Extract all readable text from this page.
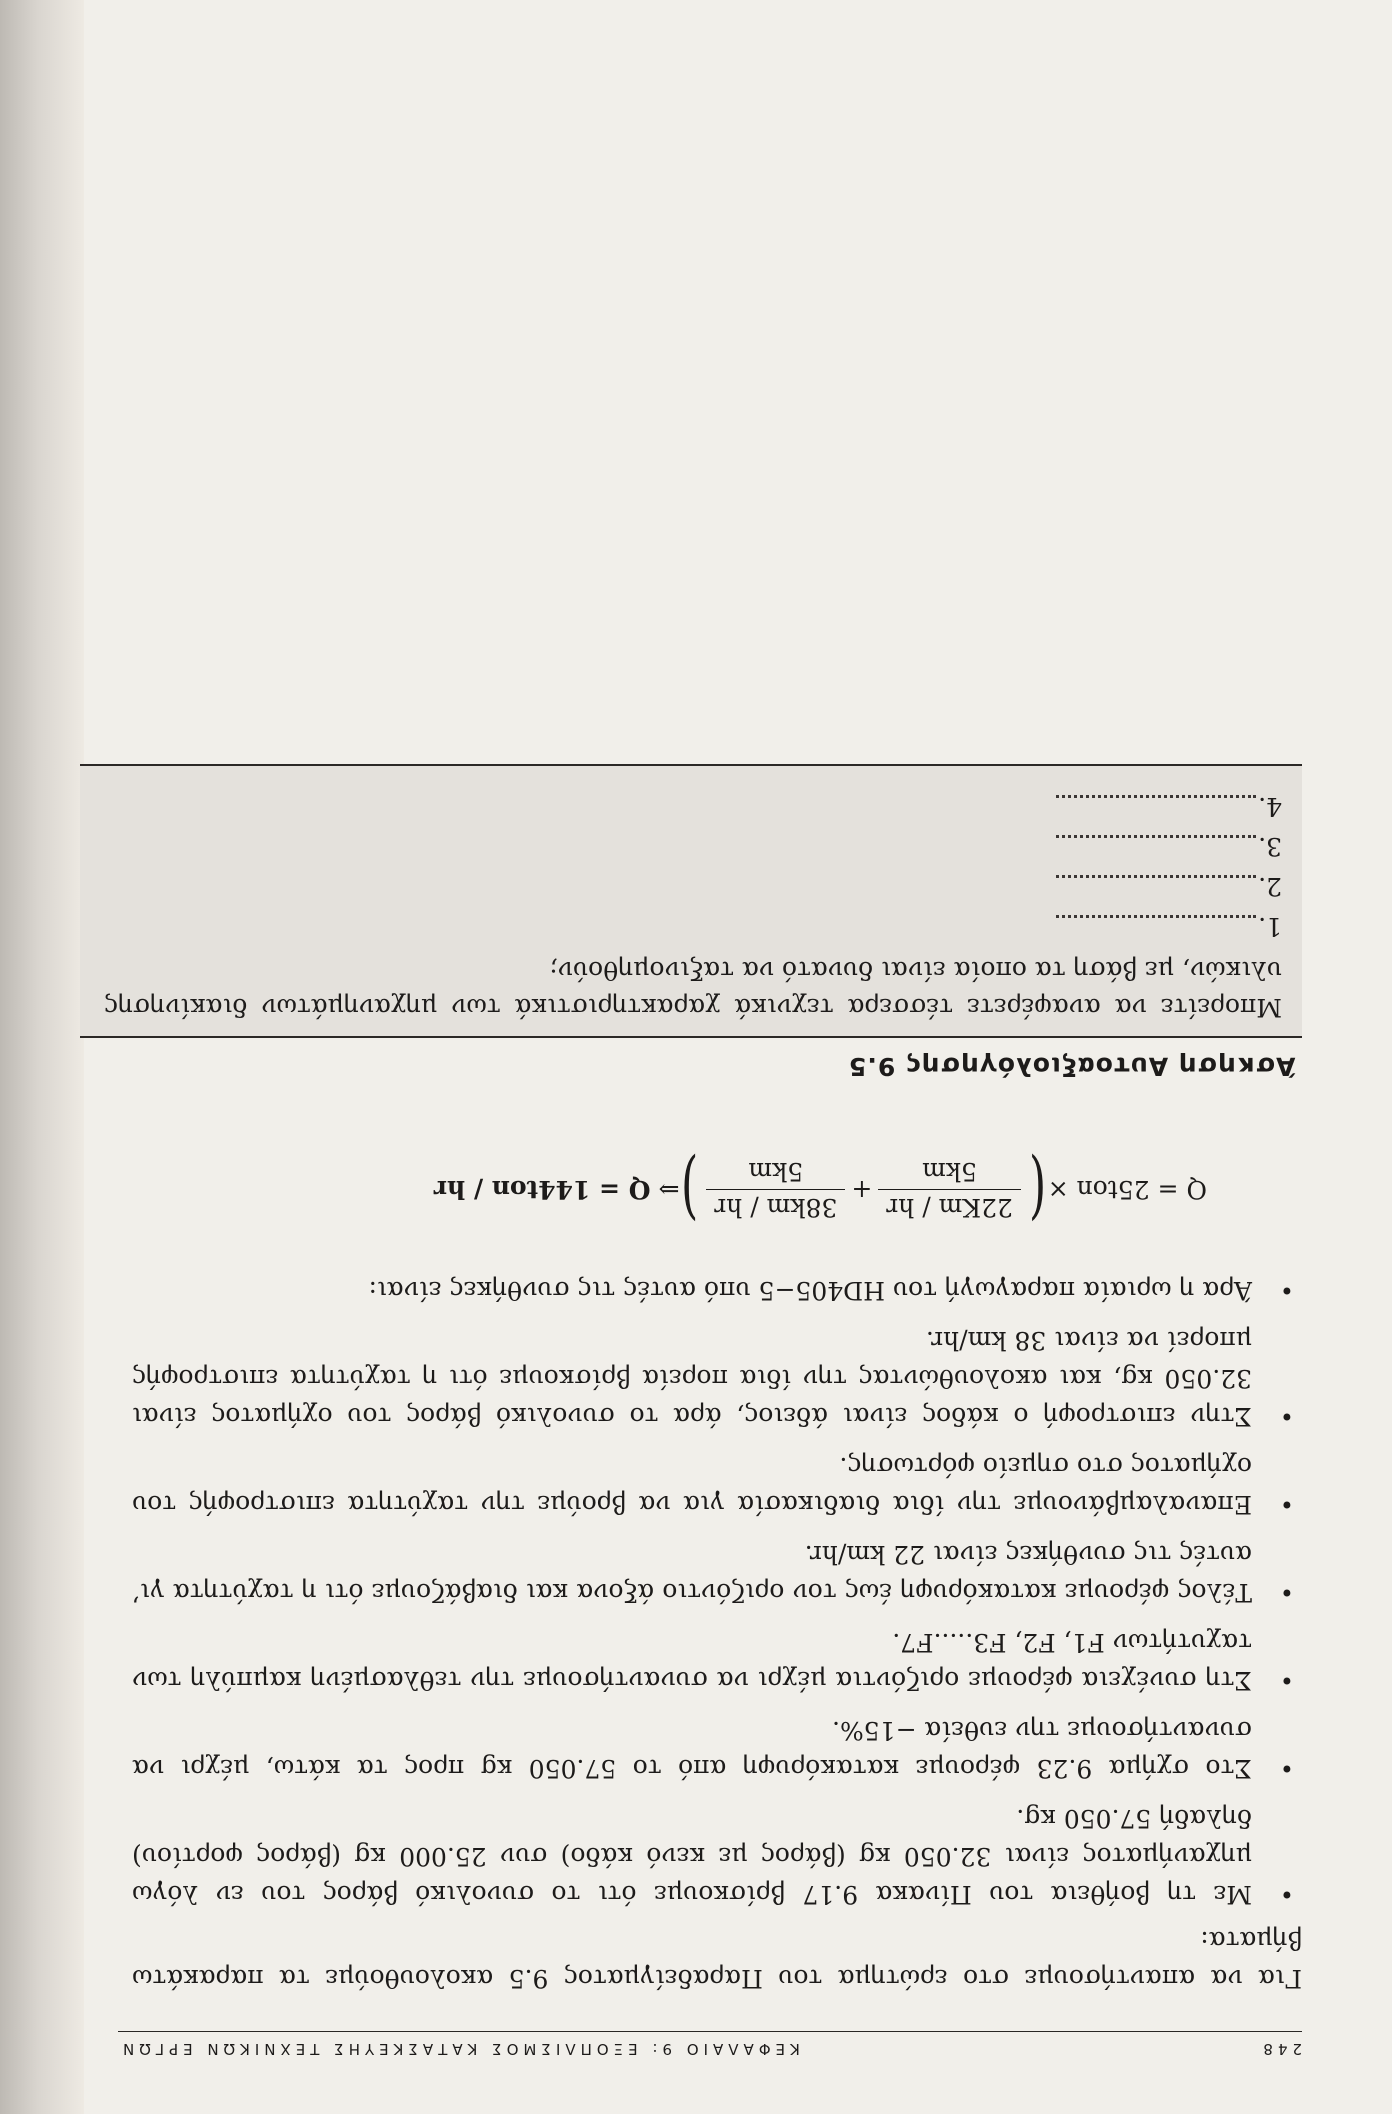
248
ΚΕΦΑΛΑΙΟ 9: ΕΞΟΠΛΙΣΜΟΣ ΚΑΤΑΣΚΕΥΗΣ ΤΕΧΝΙΚΩΝ ΕΡΓΩΝ

Για να απαντήσουμε στο ερώτημα του Παραδείγματος 9.5 ακολουθούμε τα παρακάτω βήματα:

• Με τη βοήθεια του Πίνακα 9.17 βρίσκουμε ότι το συνολικό βάρος του εν λόγω μηχανήματος είναι 32.050 κg (βάρος με κενό κάδο) συν 25.000 κg (βάρος φορτίου) δηλαδή 57.050 κg.
• Στο σχήμα 9.23 φέρουμε κατακόρυφη από το 57.050 κg προς τα κάτω, μέχρι να συναντήσουμε την ευθεία −15%.
• Στη συνέχεια φέρουμε οριζόντια μέχρι να συναντήσουμε την τεθλασμένη καμπύλη των ταχυτήτων F1, F2, F3.....F7.
• Τέλος φέρουμε κατακόρυφη έως τον οριζόντιο άξονα και διαβάζουμε ότι η ταχύτητα γι’ αυτές τις συνθήκες είναι 22 km/hr.
• Επαναλαμβάνουμε την ίδια διαδικασία για να βρούμε την ταχύτητα επιστροφής του οχήματος στο σημείο φόρτωσης.
• Στην επιστροφή ο κάδος είναι άδειος, άρα το συνολικό βάρος του οχήματος είναι 32.050 κg, και ακολουθώντας την ίδια πορεία βρίσκουμε ότι η ταχύτητα επιστροφής μπορεί να είναι 38 km/hr.
• Άρα η ωριαία παραγωγή του HD405−5 υπό αυτές τις συνθήκες είναι:
Q = 25ton ×
(
22Km / hr
5km
+
38km / hr
5km
)
⇒
Q = 144ton / hr
Άσκηση Αυτοαξιολόγησης 9.5
Μπορείτε να αναφέρετε τέσσερα τεχνικά χαρακτηριστικά των μηχανημάτων διακίνησης υλικών, με βάση τα οποία είναι δυνατό να ταξινομηθούν;
1.
2.
3.
4.
